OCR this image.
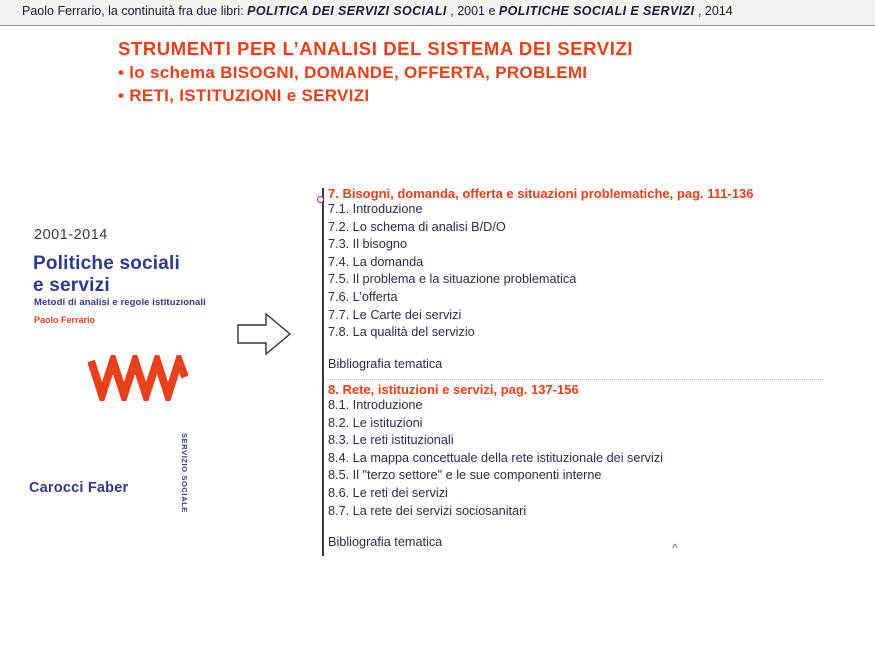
Paolo Ferrario, la continuità fra due libri: POLITICA DEI SERVIZI SOCIALI , 2001 e POLITICHE SOCIALI E SERVIZI , 2014
STRUMENTI PER L’ANALISI DEL SISTEMA DEI SERVIZI
• lo schema BISOGNI, DOMANDE, OFFERTA, PROBLEMI
• RETI, ISTITUZIONI e SERVIZI
2001-2014
Politiche sociali
e servizi
Metodi di analisi e regole istituzionali
Paolo Ferrario
SERVIZIO SOCIALE
Carocci Faber
7. Bisogni, domanda, offerta e situazioni problematiche, pag. 111-136
7.1. Introduzione
7.2. Lo schema di analisi B/D/O
7.3. Il bisogno
7.4. La domanda
7.5. Il problema e la situazione problematica
7.6. L’offerta
7.7. Le Carte dei servizi
7.8. La qualità del servizio
Bibliografia tematica
8. Rete, istituzioni e servizi, pag. 137-156
8.1. Introduzione
8.2. Le istituzioni
8.3. Le reti istituzionali
8.4. La mappa concettuale della rete istituzionale dei servizi
8.5. Il "terzo settore" e le sue componenti interne
8.6. Le reti dei servizi
8.7. La rete dei servizi sociosanitari
Bibliografia tematica	^
